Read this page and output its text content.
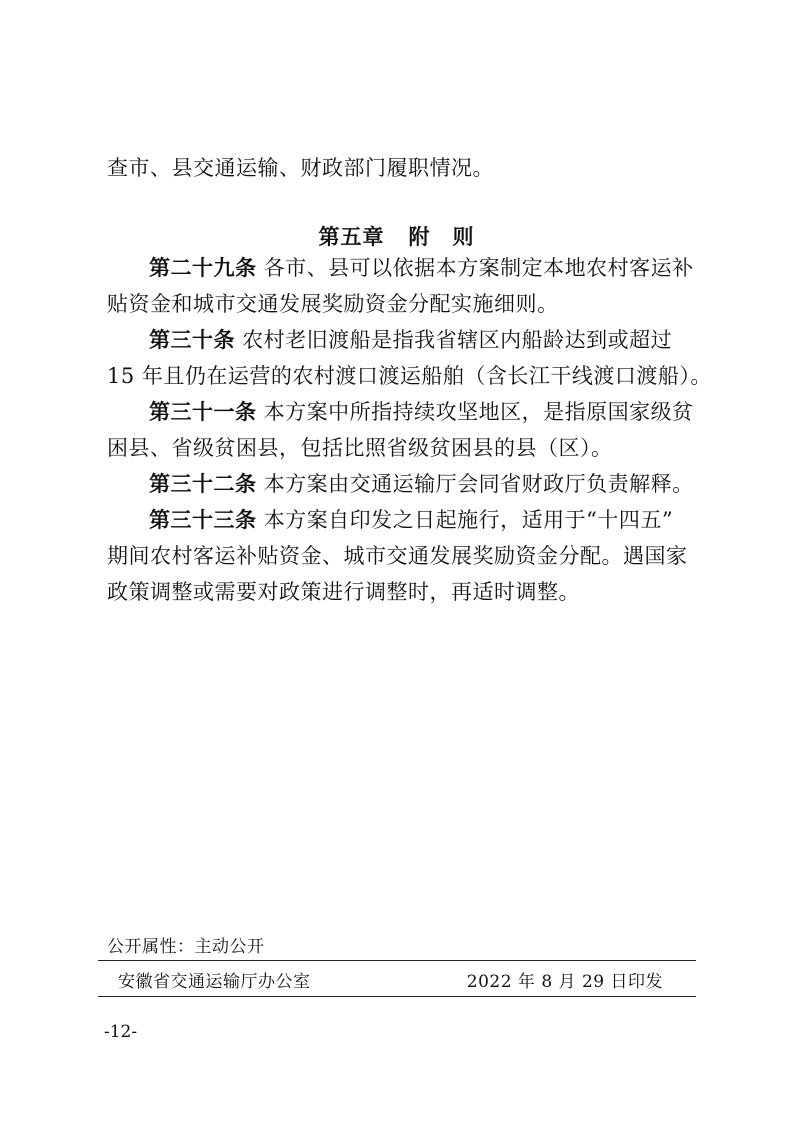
查市、县交通运输、财政部门履职情况。
第五章 附　则
第二十九条 各市、县可以依据本方案制定本地农村客运补
贴资金和城市交通发展奖励资金分配实施细则。
第三十条 农村老旧渡船是指我省辖区内船龄达到或超过
15 年且仍在运营的农村渡口渡运船舶（含长江干线渡口渡船）。
第三十一条 本方案中所指持续攻坚地区，是指原国家级贫
困县、省级贫困县，包括比照省级贫困县的县（区）。
第三十二条 本方案由交通运输厅会同省财政厅负责解释。
第三十三条 本方案自印发之日起施行，适用于“十四五”
期间农村客运补贴资金、城市交通发展奖励资金分配。遇国家
政策调整或需要对政策进行调整时，再适时调整。
公开属性：主动公开
安徽省交通运输厅办公室	2022 年 8 月 29 日印发
-12-
